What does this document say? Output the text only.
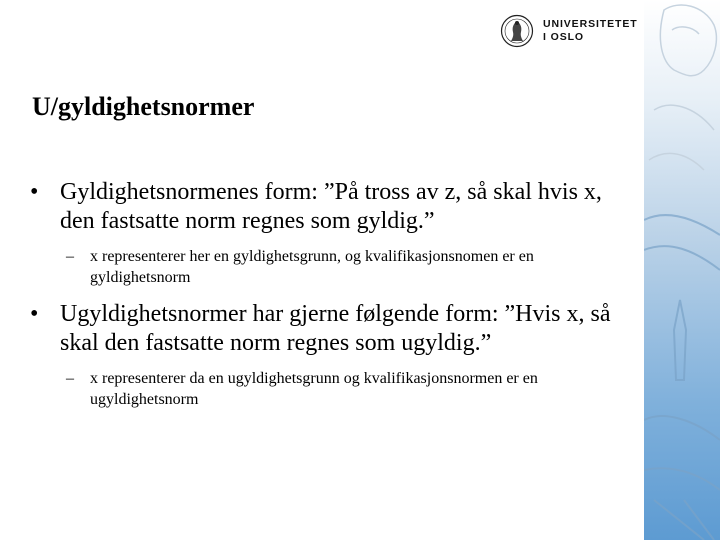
UNIVERSITETET
I OSLO
U/gyldighetsnormer
• Gyldighetsnormenes form: ”På tross av z, så skal hvis x, den fastsatte norm regnes som gyldig.”
– x representerer her en gyldighetsgrunn, og kvalifikasjonsnomen er en gyldighetsnorm
• Ugyldighetsnormer har gjerne følgende form: ”Hvis x, så skal den fastsatte norm regnes som ugyldig.”
– x representerer da en ugyldighetsgrunn og kvalifikasjonsnormen er en ugyldighetsnorm
